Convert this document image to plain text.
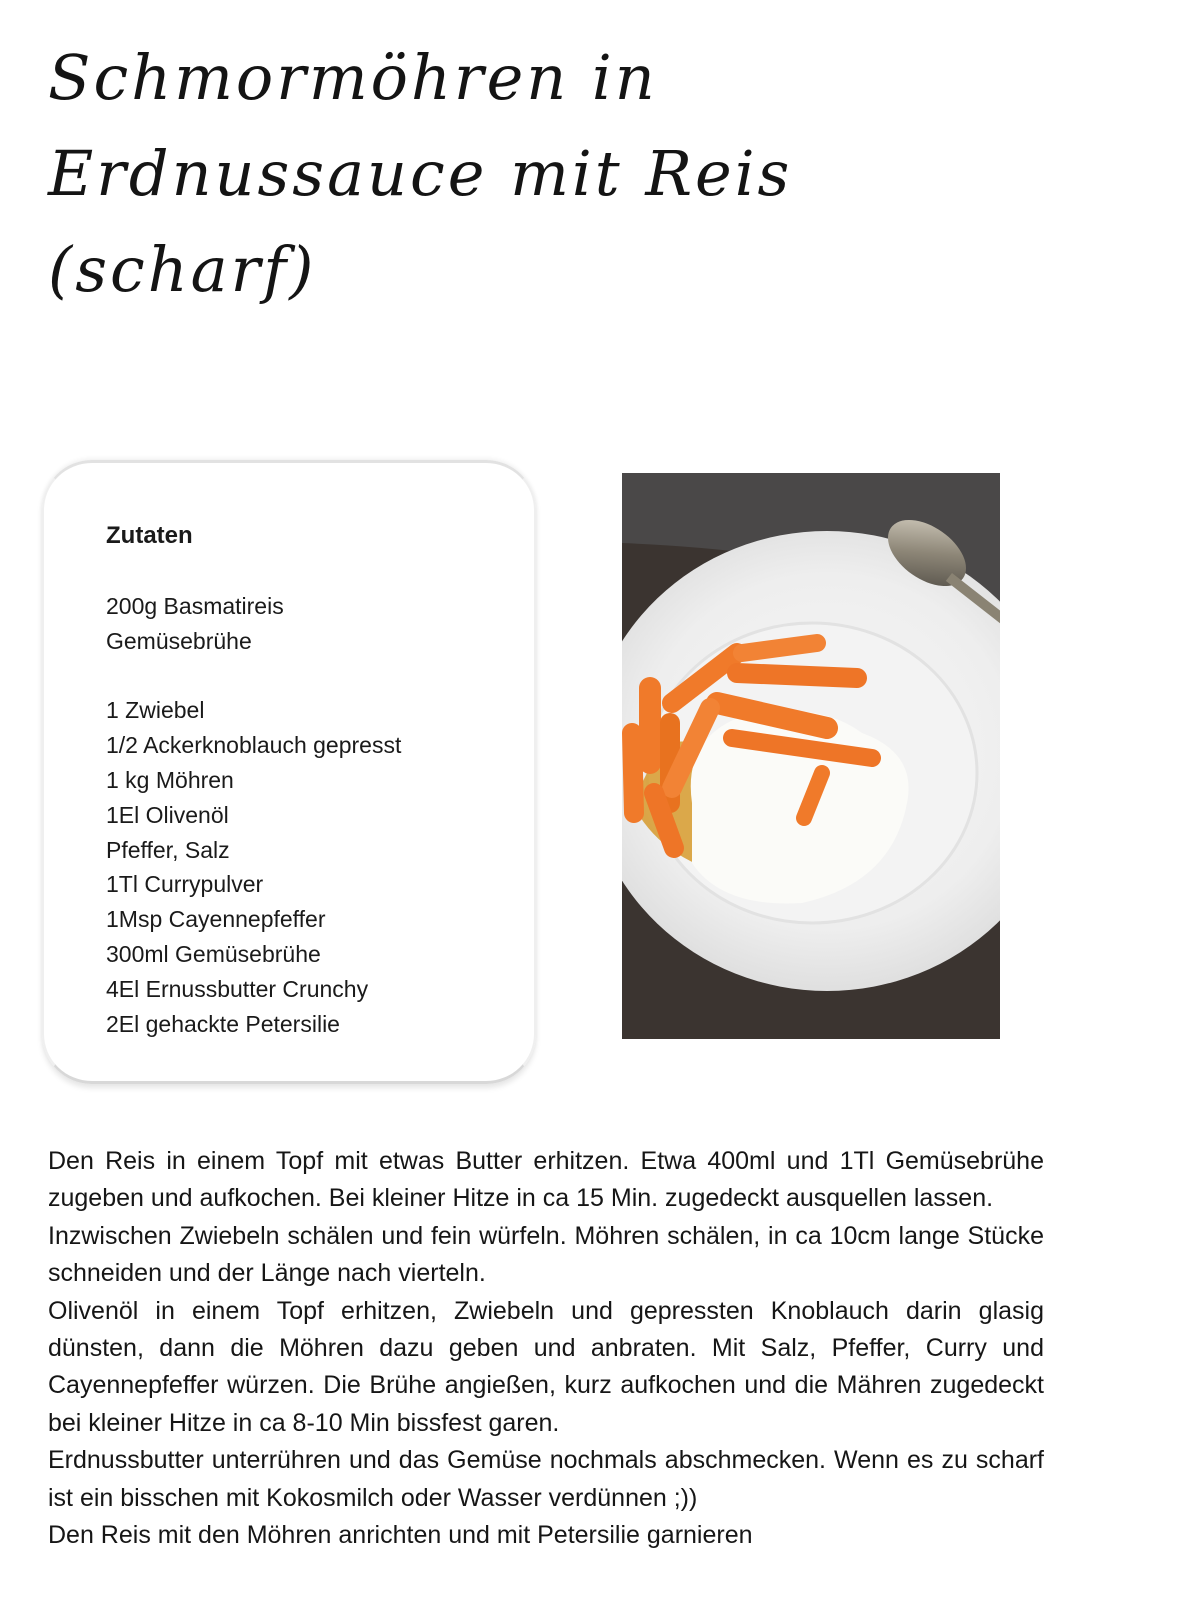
Schmormöhren in
Erdnussauce mit Reis
(scharf)
Zutaten
200g Basmatireis
Gemüsebrühe
1 Zwiebel
1/2 Ackerknoblauch gepresst
1 kg Möhren
1El Olivenöl
Pfeffer, Salz
1Tl Currypulver
1Msp Cayennepfeffer
300ml Gemüsebrühe
4El Ernussbutter Crunchy
2El gehackte Petersilie

Den Reis in einem Topf mit etwas Butter erhitzen. Etwa 400ml und 1Tl Gemüsebrühe zugeben und aufkochen. Bei kleiner Hitze in ca 15 Min. zugedeckt ausquellen lassen.

Inzwischen Zwiebeln schälen und fein würfeln. Möhren schälen, in ca 10cm lange Stücke schneiden und der Länge nach vierteln.

Olivenöl in einem Topf erhitzen, Zwiebeln und gepressten Knoblauch darin glasig dünsten, dann die Möhren dazu geben und anbraten. Mit Salz, Pfeffer, Curry und Cayennepfeffer würzen. Die Brühe angießen, kurz aufkochen und die Mähren zugedeckt bei kleiner Hitze in ca 8-10 Min bissfest garen.

Erdnussbutter unterrühren und das Gemüse nochmals abschmecken. Wenn es zu scharf ist ein bisschen mit Kokosmilch oder Wasser verdünnen ;))

Den Reis mit den Möhren anrichten und mit Petersilie garnieren
